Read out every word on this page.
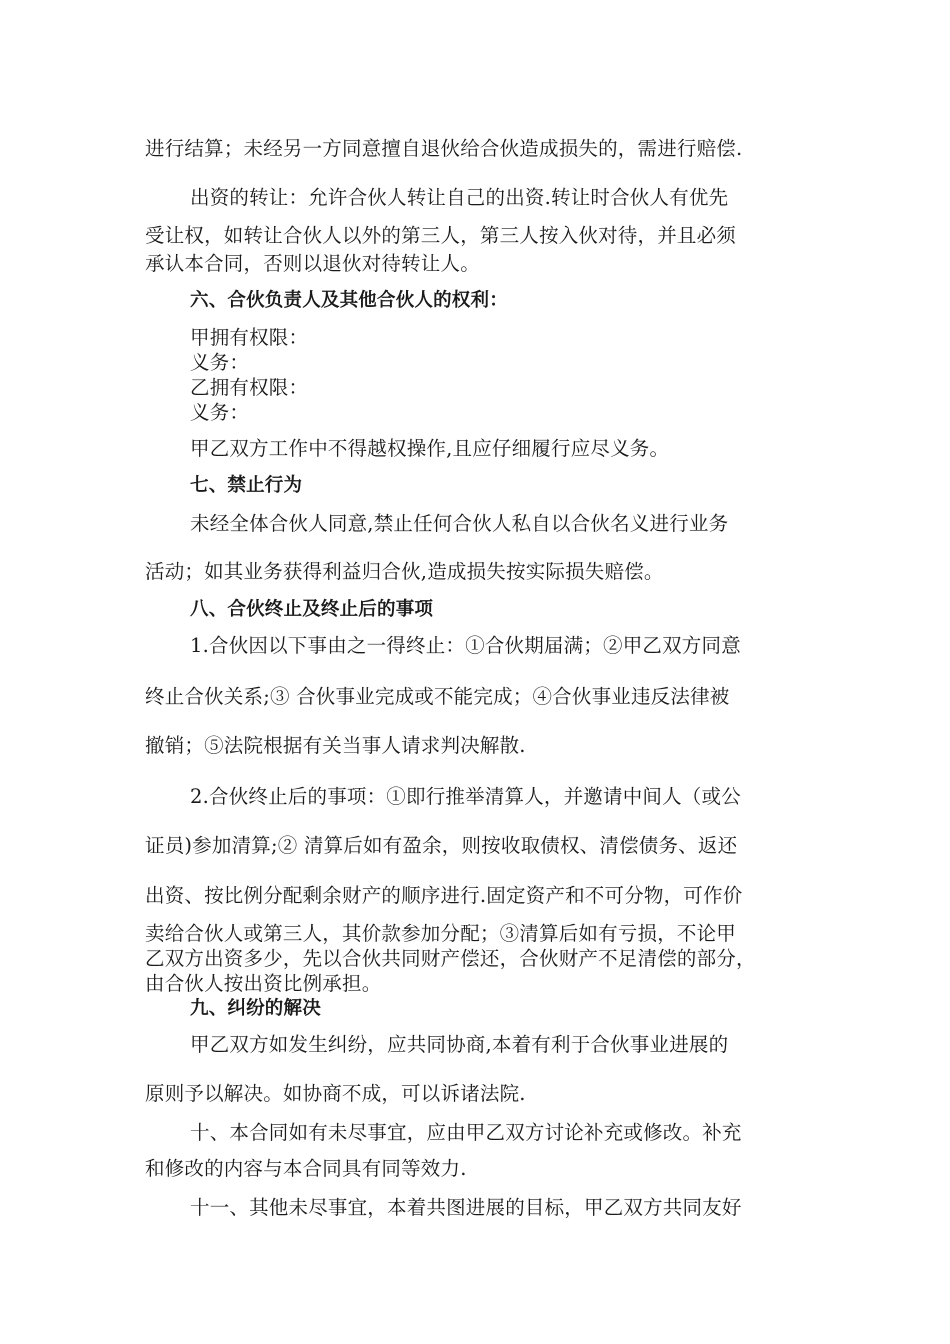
进行结算；未经另一方同意擅自退伙给合伙造成损失的，需进行赔偿.
出资的转让：允许合伙人转让自己的出资.转让时合伙人有优先
受让权，如转让合伙人以外的第三人，第三人按入伙对待，并且必须
承认本合同，否则以退伙对待转让人。
六、合伙负责人及其他合伙人的权利：
甲拥有权限：
义务：
乙拥有权限：
义务：
甲乙双方工作中不得越权操作,且应仔细履行应尽义务。
七、禁止行为
未经全体合伙人同意,禁止任何合伙人私自以合伙名义进行业务
活动；如其业务获得利益归合伙,造成损失按实际损失赔偿。
八、合伙终止及终止后的事项
1.合伙因以下事由之一得终止：①合伙期届满；②甲乙双方同意
终止合伙关系;③ 合伙事业完成或不能完成；④合伙事业违反法律被
撤销；⑤法院根据有关当事人请求判决解散.
2.合伙终止后的事项：①即行推举清算人，并邀请中间人（或公
证员)参加清算;② 清算后如有盈余，则按收取债权、清偿债务、返还
出资、按比例分配剩余财产的顺序进行.固定资产和不可分物，可作价
卖给合伙人或第三人，其价款参加分配；③清算后如有亏损，不论甲
乙双方出资多少，先以合伙共同财产偿还，合伙财产不足清偿的部分，
由合伙人按出资比例承担。
九、纠纷的解决
甲乙双方如发生纠纷，应共同协商,本着有利于合伙事业进展的
原则予以解决。如协商不成，可以诉诸法院.
十、本合同如有未尽事宜，应由甲乙双方讨论补充或修改。补充
和修改的内容与本合同具有同等效力.
十一、其他未尽事宜，本着共图进展的目标，甲乙双方共同友好
